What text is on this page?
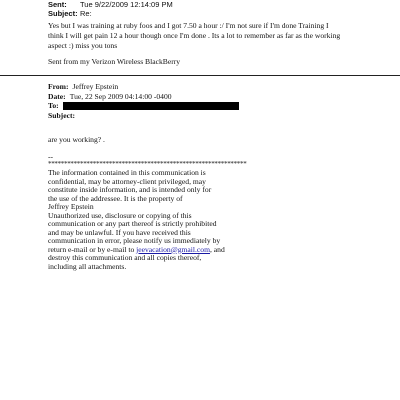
Sent:	Tue 9/22/2009 12:14:09 PM
Subject: Re:
Yes but I was training at ruby foos and I got 7.50 a hour :/ I'm not sure if I'm done Training I
think I will get pain 12 a hour though once I'm done . Its a lot to remember as far as the working
aspect :) miss you tons
Sent from my Verizon Wireless BlackBerry
From: Jeffrey Epstein
Date: Tue, 22 Sep 2009 04:14:00 -0400
To:
Subject:
are you working? .
--
**************************************************************
The information contained in this communication is
confidential, may be attorney-client privileged, may
constitute inside information, and is intended only for
the use of the addressee. It is the property of
Jeffrey Epstein
Unauthorized use, disclosure or copying of this
communication or any part thereof is strictly prohibited
and may be unlawful. If you have received this
communication in error, please notify us immediately by
return e-mail or by e-mail to jeevacation@gmail.com, and
destroy this communication and all copies thereof,
including all attachments.
